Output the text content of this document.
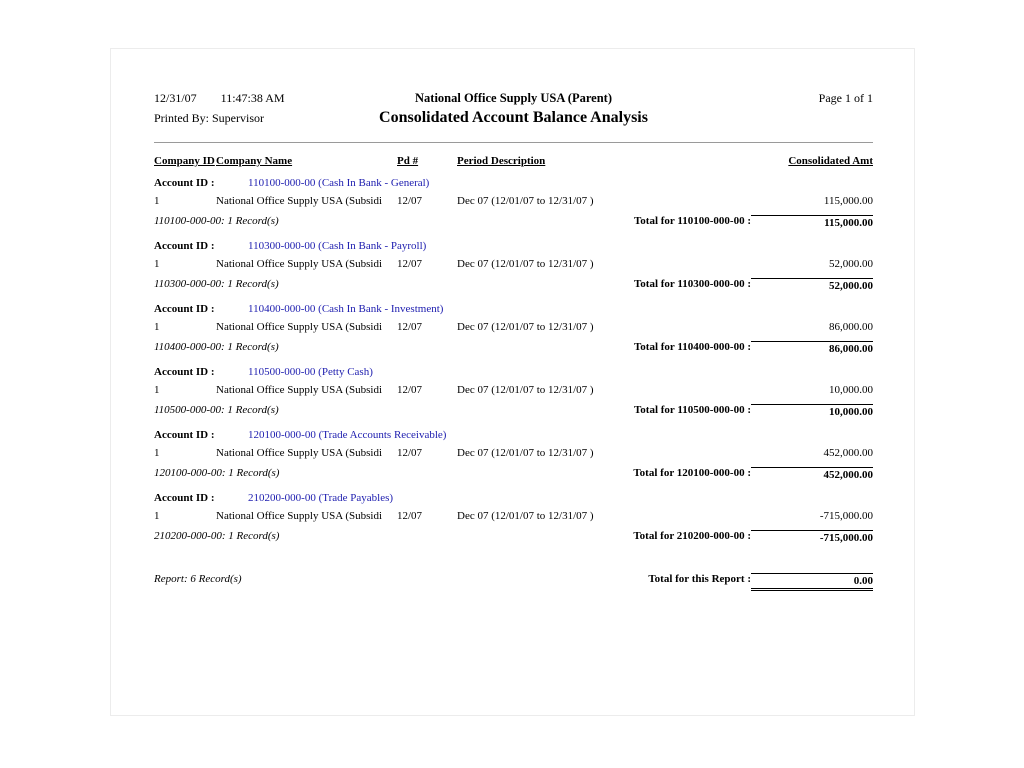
12/31/07 11:47:38 AM	National Office Supply USA (Parent)	Page 1 of 1
Printed By: Supervisor	Consolidated Account Balance Analysis
Company ID Company Name	Pd #	Period Description	Consolidated Amt
Account ID :	110100-000-00 (Cash In Bank - General)
1	National Office Supply USA (Subsidi	12/07	Dec 07 (12/01/07 to 12/31/07 )	115,000.00
110100-000-00: 1 Record(s)	Total for 110100-000-00 :	115,000.00
Account ID :	110300-000-00 (Cash In Bank - Payroll)
1	National Office Supply USA (Subsidi	12/07	Dec 07 (12/01/07 to 12/31/07 )	52,000.00
110300-000-00: 1 Record(s)	Total for 110300-000-00 :	52,000.00
Account ID :	110400-000-00 (Cash In Bank - Investment)
1	National Office Supply USA (Subsidi	12/07	Dec 07 (12/01/07 to 12/31/07 )	86,000.00
110400-000-00: 1 Record(s)	Total for 110400-000-00 :	86,000.00
Account ID :	110500-000-00 (Petty Cash)
1	National Office Supply USA (Subsidi	12/07	Dec 07 (12/01/07 to 12/31/07 )	10,000.00
110500-000-00: 1 Record(s)	Total for 110500-000-00 :	10,000.00
Account ID :	120100-000-00 (Trade Accounts Receivable)
1	National Office Supply USA (Subsidi	12/07	Dec 07 (12/01/07 to 12/31/07 )	452,000.00
120100-000-00: 1 Record(s)	Total for 120100-000-00 :	452,000.00
Account ID :	210200-000-00 (Trade Payables)
1	National Office Supply USA (Subsidi	12/07	Dec 07 (12/01/07 to 12/31/07 )	-715,000.00
210200-000-00: 1 Record(s)	Total for 210200-000-00 :	-715,000.00
Report: 6 Record(s)	Total for this Report :	0.00
